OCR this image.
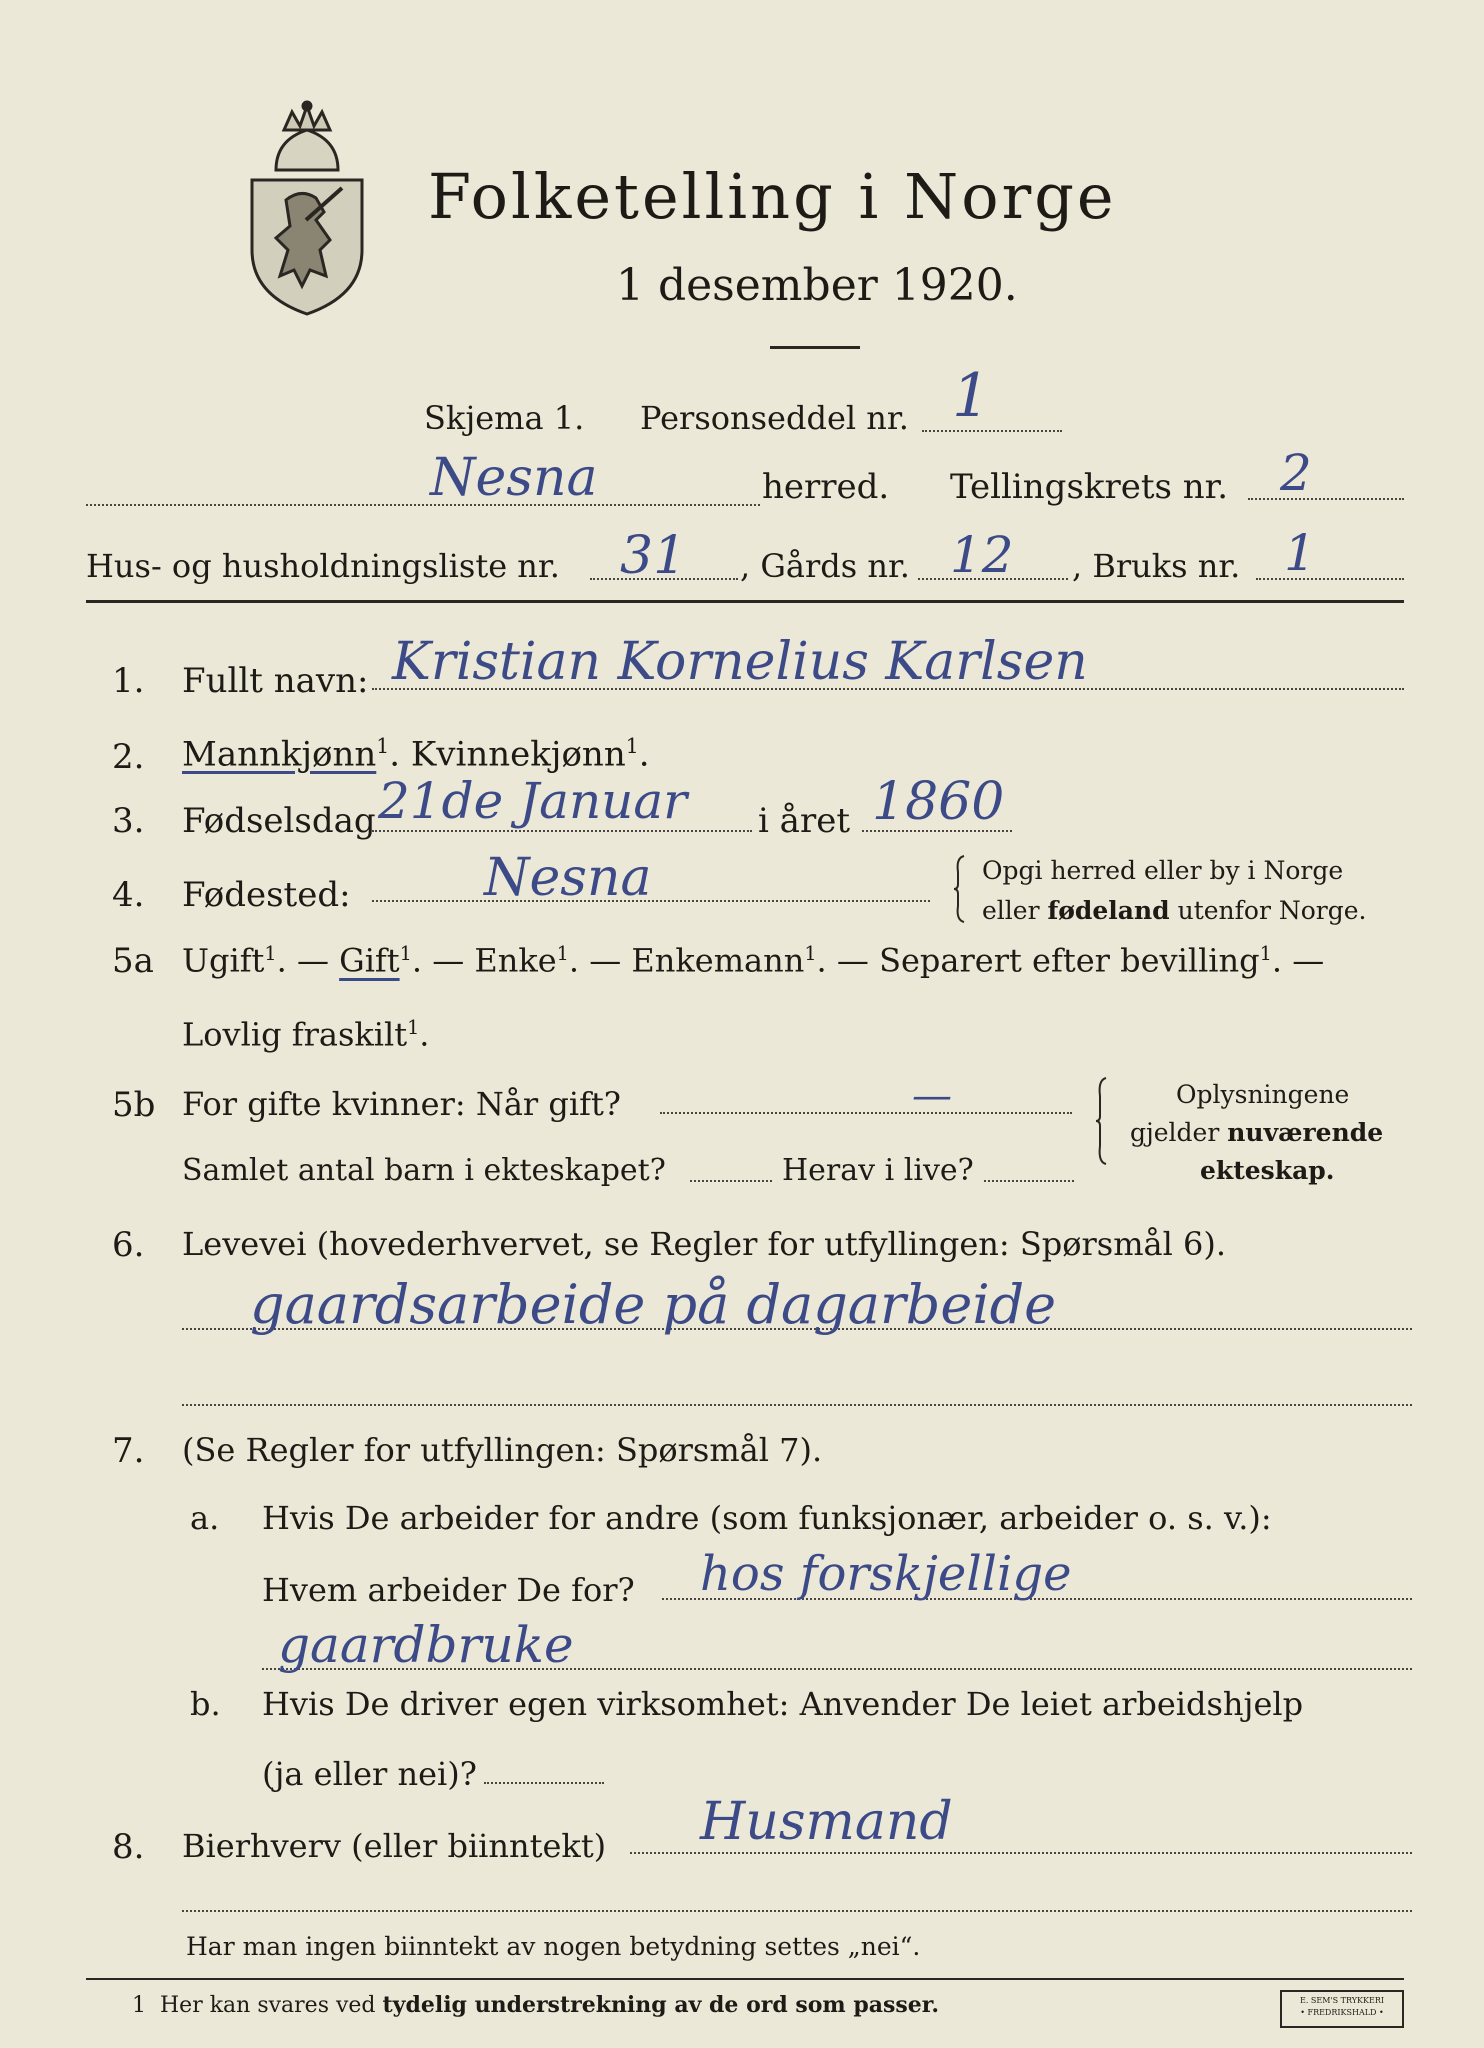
Folketelling i Norge
1 desember 1920.
Skjema 1. Personseddel nr. 1
Nesna	herred. Tellingskrets nr. 2
Hus- og husholdningsliste nr. 31 , Gårds nr. 12 , Bruks nr. 1
1. Fullt navn: Kristian Kornelius Karlsen
2. Mannkjønn$^1$. Kvinnekjønn$^1$.
3. Fødselsdag 21de Januar i året 1860
4. Fødested:	Nesna	Opgi herred eller by i Norge
eller fødeland utenfor Norge.
5a Ugift$^1$. — Gift$^1$. — Enke$^1$. — Enkemann$^1$. — Separert efter bevilling$^1$. —
Lovlig fraskilt$^1$.
5b For gifte kvinner: Når gift?	—
Samlet antal barn i ekteskapet?	Herav i live?
Oplysningene
gjelder nuværende
ekteskap.
6. Levevei (hovederhvervet, se Regler for utfyllingen: Spørsmål 6).
gaardsarbeide på dagarbeide
7. (Se Regler for utfyllingen: Spørsmål 7).
a. Hvis De arbeider for andre (som funksjonær, arbeider o. s. v.):
Hvem arbeider De for? hos forskjellige
gaardbruke
b. Hvis De driver egen virksomhet: Anvender De leiet arbeidshjelp
(ja eller nei)?
8. Bierhverv (eller biinntekt) Husmand
Har man ingen biinntekt av nogen betydning settes „nei“.
1 Her kan svares ved tydelig understrekning av de ord som passer.	E. SEM'S TRYKKERI
• FREDRIKSHALD •
